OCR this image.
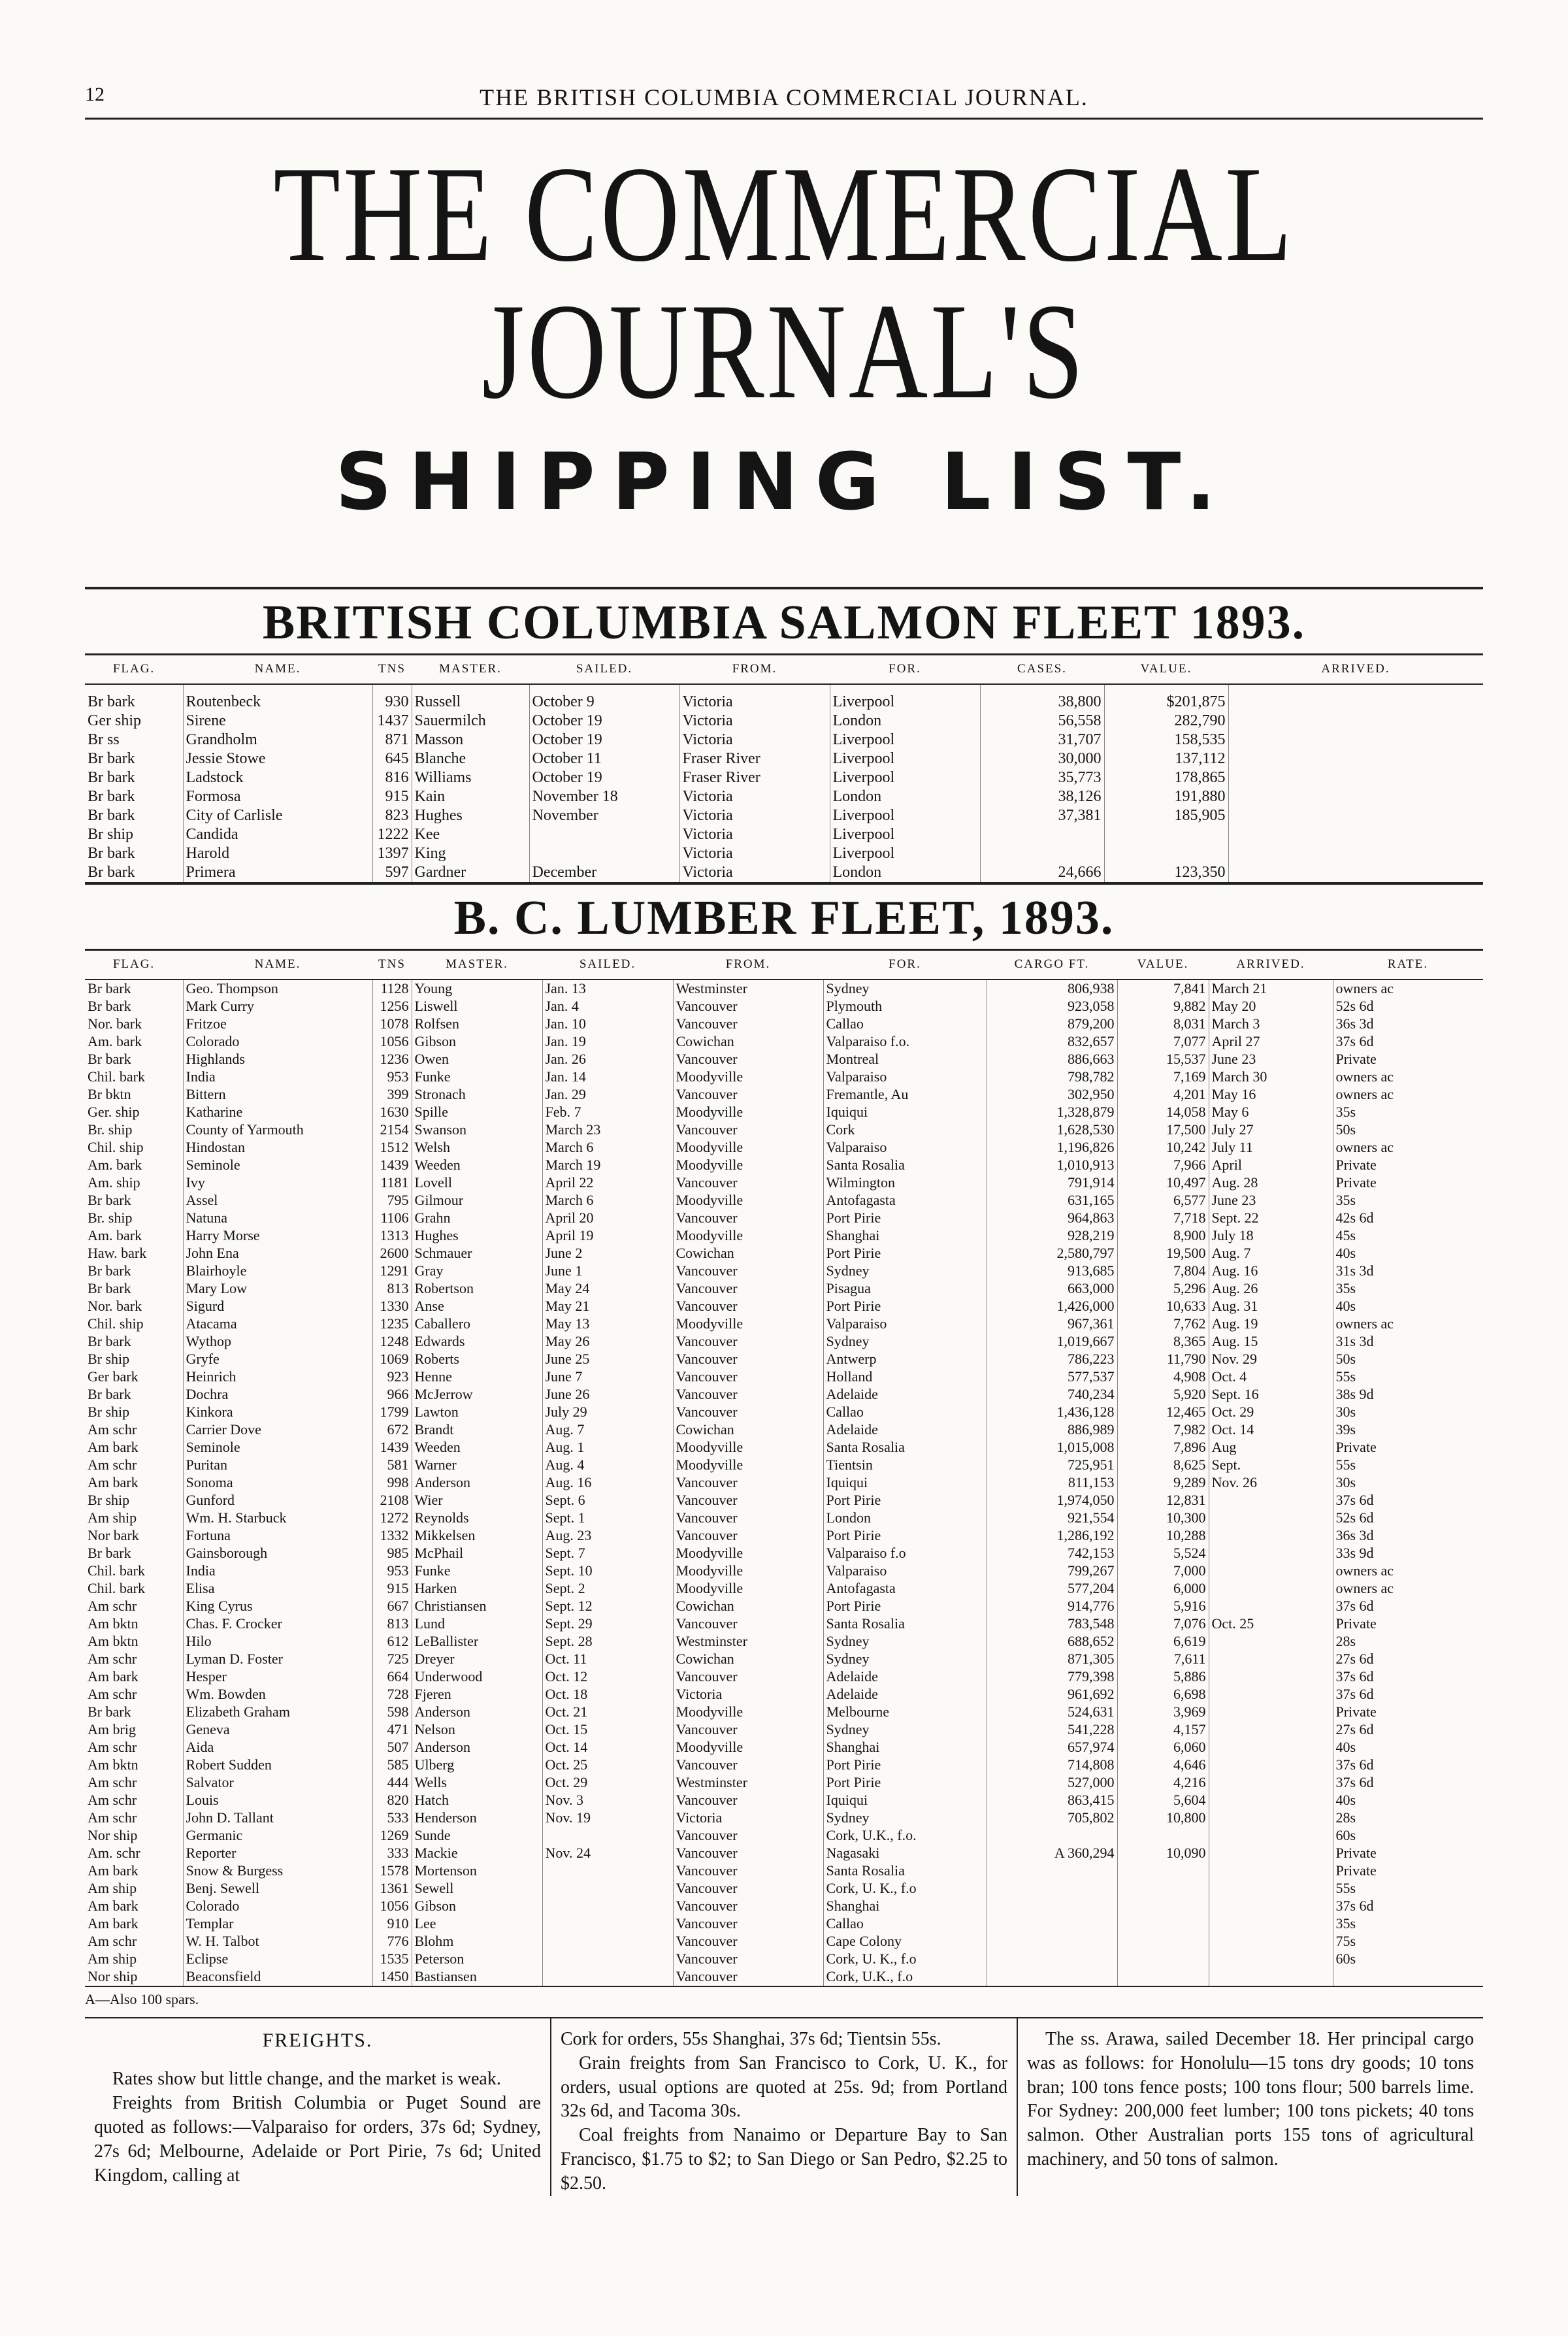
12	THE BRITISH COLUMBIA COMMERCIAL JOURNAL.
THE COMMERCIAL JOURNAL'S
SHIPPING LIST.
BRITISH COLUMBIA SALMON FLEET 1893.
FLAG.	NAME.	TNS	MASTER.	SAILED.	FROM.	FOR.	CASES.	VALUE.	ARRIVED.
Br bark	Routenbeck	930	Russell	October 9	Victoria	Liverpool	38,800	$201,875	
Ger ship	Sirene	1437	Sauermilch	October 19	Victoria	London	56,558	282,790	
Br ss	Grandholm	871	Masson	October 19	Victoria	Liverpool	31,707	158,535	
Br bark	Jessie Stowe	645	Blanche	October 11	Fraser River	Liverpool	30,000	137,112	
Br bark	Ladstock	816	Williams	October 19	Fraser River	Liverpool	35,773	178,865	
Br bark	Formosa	915	Kain	November 18	Victoria	London	38,126	191,880	
Br bark	City of Carlisle	823	Hughes	November	Victoria	Liverpool	37,381	185,905	
Br ship	Candida	1222	Kee		Victoria	Liverpool			
Br bark	Harold	1397	King		Victoria	Liverpool			
Br bark	Primera	597	Gardner	December	Victoria	London	24,666	123,350	
B. C. LUMBER FLEET, 1893.
FLAG.	NAME.	TNS	MASTER.	SAILED.	FROM.	FOR.	CARGO FT.	VALUE.	ARRIVED.	RATE.
Br bark	Geo. Thompson	1128	Young	Jan. 13	Westminster	Sydney	806,938	7,841	March 21	owners ac
Br bark	Mark Curry	1256	Liswell	Jan. 4	Vancouver	Plymouth	923,058	9,882	May 20	52s 6d
Nor. bark	Fritzoe	1078	Rolfsen	Jan. 10	Vancouver	Callao	879,200	8,031	March 3	36s 3d
Am. bark	Colorado	1056	Gibson	Jan. 19	Cowichan	Valparaiso f.o.	832,657	7,077	April 27	37s 6d
Br bark	Highlands	1236	Owen	Jan. 26	Vancouver	Montreal	886,663	15,537	June 23	Private
Chil. bark	India	953	Funke	Jan. 14	Moodyville	Valparaiso	798,782	7,169	March 30	owners ac
Br bktn	Bittern	399	Stronach	Jan. 29	Vancouver	Fremantle, Au	302,950	4,201	May 16	owners ac
Ger. ship	Katharine	1630	Spille	Feb. 7	Moodyville	Iquiqui	1,328,879	14,058	May 6	35s
Br. ship	County of Yarmouth	2154	Swanson	March 23	Vancouver	Cork	1,628,530	17,500	July 27	50s
Chil. ship	Hindostan	1512	Welsh	March 6	Moodyville	Valparaiso	1,196,826	10,242	July 11	owners ac
Am. bark	Seminole	1439	Weeden	March 19	Moodyville	Santa Rosalia	1,010,913	7,966	April	Private
Am. ship	Ivy	1181	Lovell	April 22	Vancouver	Wilmington	791,914	10,497	Aug. 28	Private
Br bark	Assel	795	Gilmour	March 6	Moodyville	Antofagasta	631,165	6,577	June 23	35s
Br. ship	Natuna	1106	Grahn	April 20	Vancouver	Port Pirie	964,863	7,718	Sept. 22	42s 6d
Am. bark	Harry Morse	1313	Hughes	April 19	Moodyville	Shanghai	928,219	8,900	July 18	45s
Haw. bark	John Ena	2600	Schmauer	June 2	Cowichan	Port Pirie	2,580,797	19,500	Aug. 7	40s
Br bark	Blairhoyle	1291	Gray	June 1	Vancouver	Sydney	913,685	7,804	Aug. 16	31s 3d
Br bark	Mary Low	813	Robertson	May 24	Vancouver	Pisagua	663,000	5,296	Aug. 26	35s
Nor. bark	Sigurd	1330	Anse	May 21	Vancouver	Port Pirie	1,426,000	10,633	Aug. 31	40s
Chil. ship	Atacama	1235	Caballero	May 13	Moodyville	Valparaiso	967,361	7,762	Aug. 19	owners ac
Br bark	Wythop	1248	Edwards	May 26	Vancouver	Sydney	1,019,667	8,365	Aug. 15	31s 3d
Br ship	Gryfe	1069	Roberts	June 25	Vancouver	Antwerp	786,223	11,790	Nov. 29	50s
Ger bark	Heinrich	923	Henne	June 7	Vancouver	Holland	577,537	4,908	Oct. 4	55s
Br bark	Dochra	966	McJerrow	June 26	Vancouver	Adelaide	740,234	5,920	Sept. 16	38s 9d
Br ship	Kinkora	1799	Lawton	July 29	Vancouver	Callao	1,436,128	12,465	Oct. 29	30s
Am schr	Carrier Dove	672	Brandt	Aug. 7	Cowichan	Adelaide	886,989	7,982	Oct. 14	39s
Am bark	Seminole	1439	Weeden	Aug. 1	Moodyville	Santa Rosalia	1,015,008	7,896	Aug	Private
Am schr	Puritan	581	Warner	Aug. 4	Moodyville	Tientsin	725,951	8,625	Sept.	55s
Am bark	Sonoma	998	Anderson	Aug. 16	Vancouver	Iquiqui	811,153	9,289	Nov. 26	30s
Br ship	Gunford	2108	Wier	Sept. 6	Vancouver	Port Pirie	1,974,050	12,831		37s 6d
Am ship	Wm. H. Starbuck	1272	Reynolds	Sept. 1	Vancouver	London	921,554	10,300		52s 6d
Nor bark	Fortuna	1332	Mikkelsen	Aug. 23	Vancouver	Port Pirie	1,286,192	10,288		36s 3d
Br bark	Gainsborough	985	McPhail	Sept. 7	Moodyville	Valparaiso f.o	742,153	5,524		33s 9d
Chil. bark	India	953	Funke	Sept. 10	Moodyville	Valparaiso	799,267	7,000		owners ac
Chil. bark	Elisa	915	Harken	Sept. 2	Moodyville	Antofagasta	577,204	6,000		owners ac
Am schr	King Cyrus	667	Christiansen	Sept. 12	Cowichan	Port Pirie	914,776	5,916		37s 6d
Am bktn	Chas. F. Crocker	813	Lund	Sept. 29	Vancouver	Santa Rosalia	783,548	7,076	Oct. 25	Private
Am bktn	Hilo	612	LeBallister	Sept. 28	Westminster	Sydney	688,652	6,619		28s
Am schr	Lyman D. Foster	725	Dreyer	Oct. 11	Cowichan	Sydney	871,305	7,611		27s 6d
Am bark	Hesper	664	Underwood	Oct. 12	Vancouver	Adelaide	779,398	5,886		37s 6d
Am schr	Wm. Bowden	728	Fjeren	Oct. 18	Victoria	Adelaide	961,692	6,698		37s 6d
Br bark	Elizabeth Graham	598	Anderson	Oct. 21	Moodyville	Melbourne	524,631	3,969		Private
Am brig	Geneva	471	Nelson	Oct. 15	Vancouver	Sydney	541,228	4,157		27s 6d
Am schr	Aida	507	Anderson	Oct. 14	Moodyville	Shanghai	657,974	6,060		40s
Am bktn	Robert Sudden	585	Ulberg	Oct. 25	Vancouver	Port Pirie	714,808	4,646		37s 6d
Am schr	Salvator	444	Wells	Oct. 29	Westminster	Port Pirie	527,000	4,216		37s 6d
Am schr	Louis	820	Hatch	Nov. 3	Vancouver	Iquiqui	863,415	5,604		40s
Am schr	John D. Tallant	533	Henderson	Nov. 19	Victoria	Sydney	705,802	10,800		28s
Nor ship	Germanic	1269	Sunde		Vancouver	Cork, U.K., f.o.				60s
Am. schr	Reporter	333	Mackie	Nov. 24	Vancouver	Nagasaki	A 360,294	10,090		Private
Am bark	Snow & Burgess	1578	Mortenson		Vancouver	Santa Rosalia				Private
Am ship	Benj. Sewell	1361	Sewell		Vancouver	Cork, U. K., f.o				55s
Am bark	Colorado	1056	Gibson		Vancouver	Shanghai				37s 6d
Am bark	Templar	910	Lee		Vancouver	Callao				35s
Am schr	W. H. Talbot	776	Blohm		Vancouver	Cape Colony				75s
Am ship	Eclipse	1535	Peterson		Vancouver	Cork, U. K., f.o				60s
Nor ship	Beaconsfield	1450	Bastiansen		Vancouver	Cork, U.K., f.o				
A—Also 100 spars.
FREIGHTS.

Rates show but little change, and the market is weak.

Freights from British Columbia or Puget Sound are quoted as follows:—Valparaiso for orders, 37s 6d; Sydney, 27s 6d; Melbourne, Adelaide or Port Pirie, 7s 6d; United Kingdom, calling at

Cork for orders, 55s Shanghai, 37s 6d; Tientsin 55s.

Grain freights from San Francisco to Cork, U. K., for orders, usual options are quoted at 25s. 9d; from Portland 32s 6d, and Tacoma 30s.

Coal freights from Nanaimo or Departure Bay to San Francisco, $1.75 to $2; to San Diego or San Pedro, $2.25 to $2.50.

The ss. Arawa, sailed December 18. Her principal cargo was as follows: for Honolulu—15 tons dry goods; 10 tons bran; 100 tons fence posts; 100 tons flour; 500 barrels lime. For Sydney: 200,000 feet lumber; 100 tons pickets; 40 tons salmon. Other Australian ports 155 tons of agricultural machinery, and 50 tons of salmon.
